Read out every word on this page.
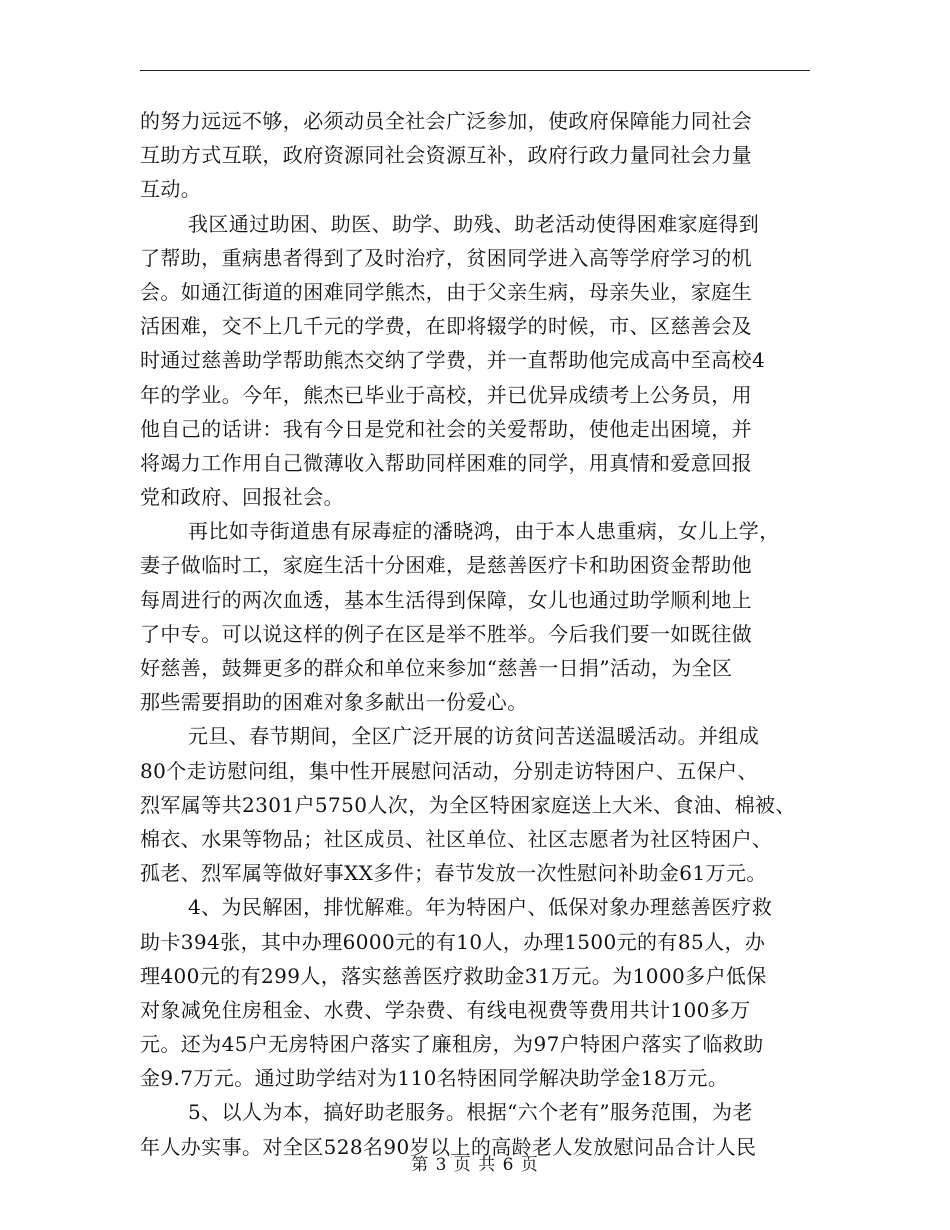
的努力远远不够，必须动员全社会广泛参加，使政府保障能力同社会
互助方式互联，政府资源同社会资源互补，政府行政力量同社会力量
互动。
我区通过助困、助医、助学、助残、助老活动使得困难家庭得到
了帮助，重病患者得到了及时治疗，贫困同学进入高等学府学习的机
会。如通江街道的困难同学熊杰，由于父亲生病，母亲失业，家庭生
活困难，交不上几千元的学费，在即将辍学的时候，市、区慈善会及
时通过慈善助学帮助熊杰交纳了学费，并一直帮助他完成高中至高校4
年的学业。今年，熊杰已毕业于高校，并已优异成绩考上公务员，用
他自己的话讲：我有今日是党和社会的关爱帮助，使他走出困境，并
将竭力工作用自己微薄收入帮助同样困难的同学，用真情和爱意回报
党和政府、回报社会。
再比如寺街道患有尿毒症的潘晓鸿，由于本人患重病，女儿上学，
妻子做临时工，家庭生活十分困难，是慈善医疗卡和助困资金帮助他
每周进行的两次血透，基本生活得到保障，女儿也通过助学顺利地上
了中专。可以说这样的例子在区是举不胜举。今后我们要一如既往做
好慈善，鼓舞更多的群众和单位来参加“慈善一日捐”活动，为全区
那些需要捐助的困难对象多献出一份爱心。
元旦、春节期间，全区广泛开展的访贫问苦送温暖活动。并组成
80个走访慰问组，集中性开展慰问活动，分别走访特困户、五保户、
烈军属等共2301户5750人次，为全区特困家庭送上大米、食油、棉被、
棉衣、水果等物品；社区成员、社区单位、社区志愿者为社区特困户、
孤老、烈军属等做好事XX多件；春节发放一次性慰问补助金61万元。
4、为民解困，排忧解难。年为特困户、低保对象办理慈善医疗救
助卡394张，其中办理6000元的有10人，办理1500元的有85人，办
理400元的有299人，落实慈善医疗救助金31万元。为1000多户低保
对象减免住房租金、水费、学杂费、有线电视费等费用共计100多万
元。还为45户无房特困户落实了廉租房，为97户特困户落实了临救助
金9.7万元。通过助学结对为110名特困同学解决助学金18万元。
5、以人为本，搞好助老服务。根据“六个老有”服务范围，为老
年人办实事。对全区528名90岁以上的高龄老人发放慰问品合计人民
第 3 页 共 6 页
